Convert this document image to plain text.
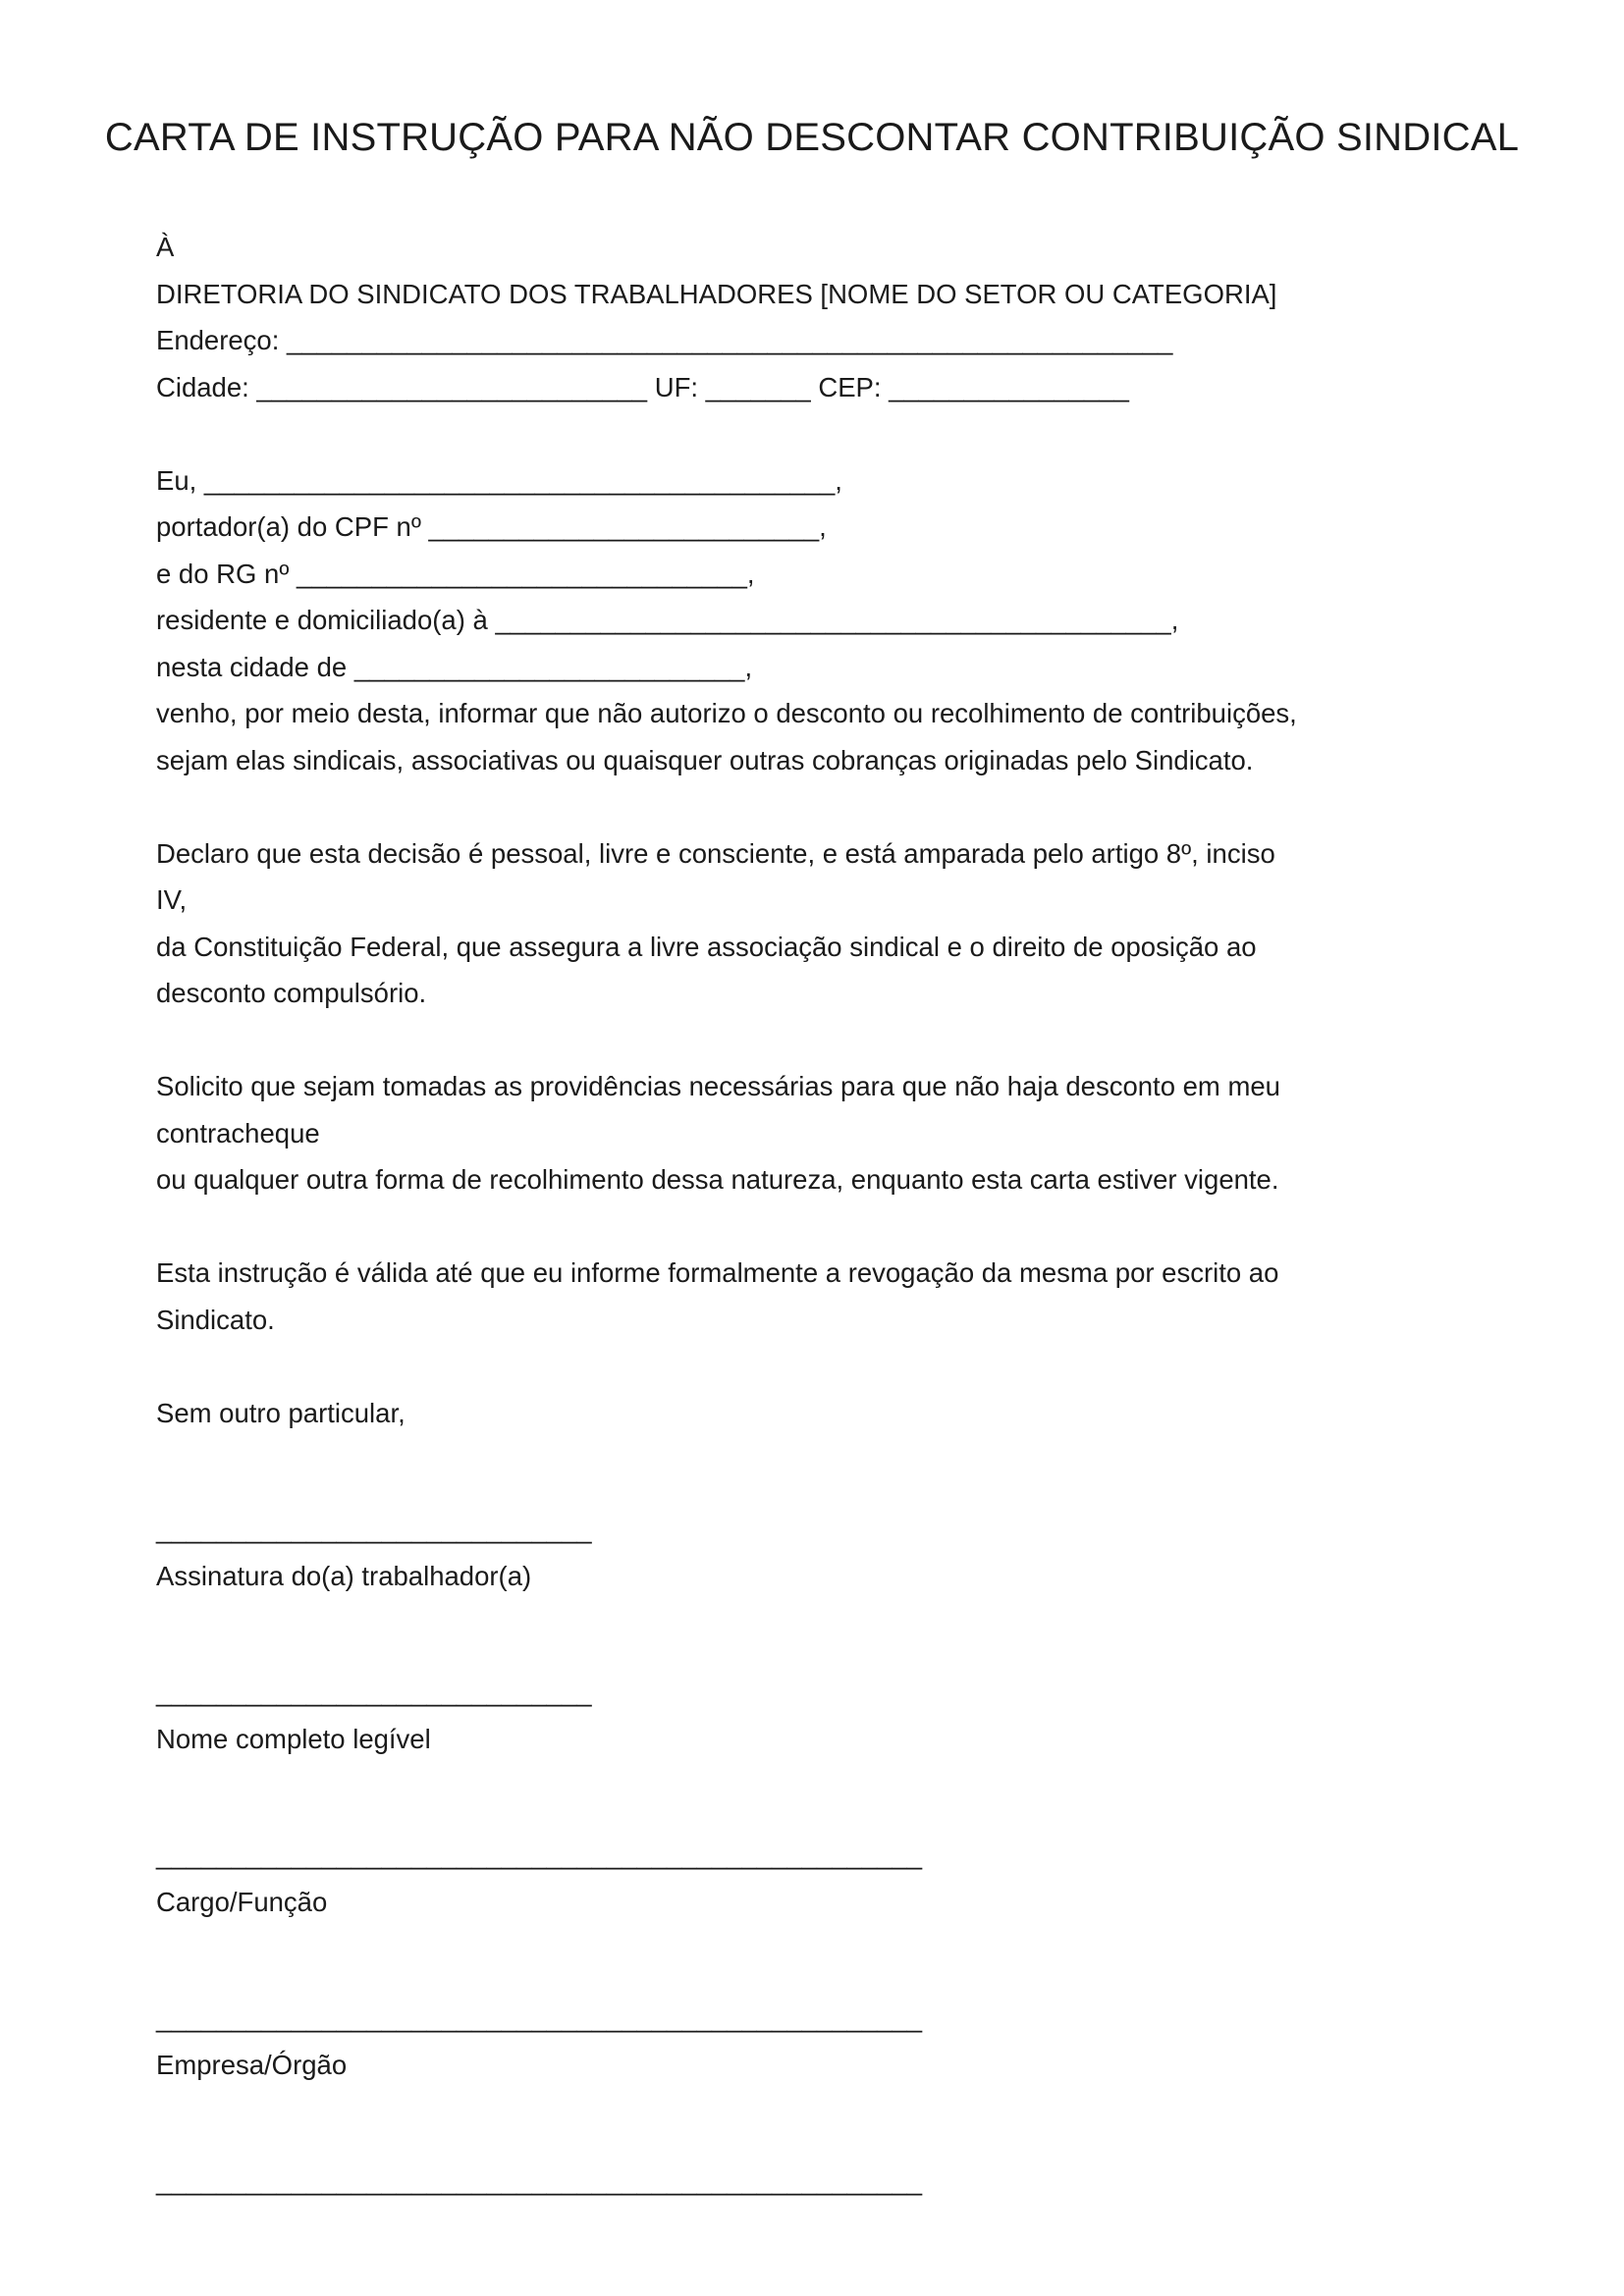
CARTA DE INSTRUÇÃO PARA NÃO DESCONTAR CONTRIBUIÇÃO SINDICAL
À
DIRETORIA DO SINDICATO DOS TRABALHADORES [NOME DO SETOR OU CATEGORIA]
Endereço: ___________________________________________________________
Cidade: __________________________ UF: _______ CEP: ________________
Eu, __________________________________________,
portador(a) do CPF nº __________________________,
e do RG nº ______________________________,
residente e domiciliado(a) à _____________________________________________,
nesta cidade de __________________________,
venho, por meio desta, informar que não autorizo o desconto ou recolhimento de contribuições,
sejam elas sindicais, associativas ou quaisquer outras cobranças originadas pelo Sindicato.
Declaro que esta decisão é pessoal, livre e consciente, e está amparada pelo artigo 8º, inciso
IV,
da Constituição Federal, que assegura a livre associação sindical e o direito de oposição ao
desconto compulsório.
Solicito que sejam tomadas as providências necessárias para que não haja desconto em meu
contracheque
ou qualquer outra forma de recolhimento dessa natureza, enquanto esta carta estiver vigente.
Esta instrução é válida até que eu informe formalmente a revogação da mesma por escrito ao
Sindicato.
Sem outro particular,
_____________________________
Assinatura do(a) trabalhador(a)
_____________________________
Nome completo legível
___________________________________________________
Cargo/Função
___________________________________________________
Empresa/Órgão
___________________________________________________
